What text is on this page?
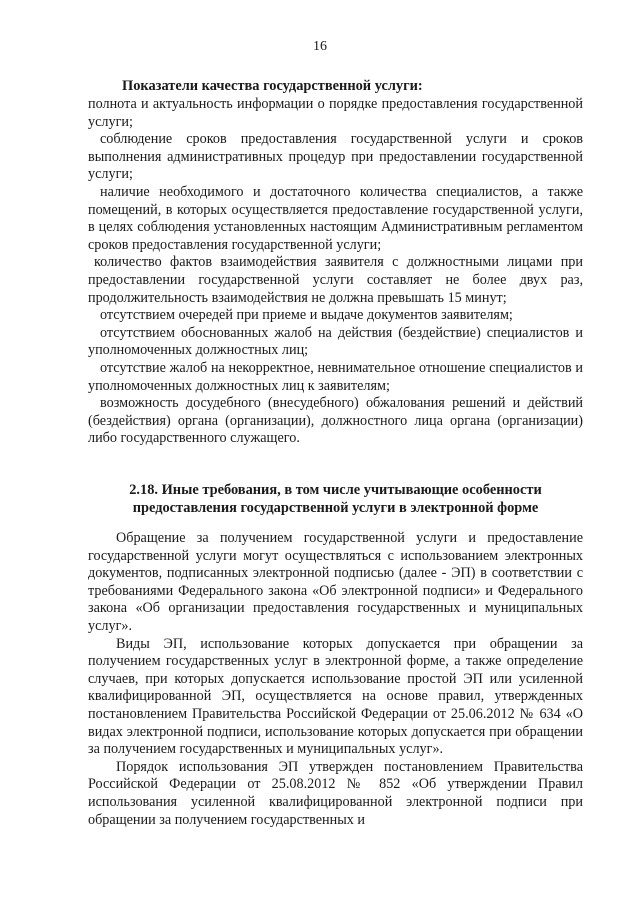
16
Показатели качества государственной услуги:

полнота и актуальность информации о порядке предоставления государственной услуги;

соблюдение сроков предоставления государственной услуги и сроков выполнения административных процедур при предоставлении государственной услуги;

наличие необходимого и достаточного количества специалистов, а также помещений, в которых осуществляется предоставление государственной услуги, в целях соблюдения установленных настоящим Административным регламентом сроков предоставления государственной услуги;

количество фактов взаимодействия заявителя с должностными лицами при предоставлении государственной услуги составляет не более двух раз, продолжительность взаимодействия не должна превышать 15 минут;

отсутствием очередей при приеме и выдаче документов заявителям;

отсутствием обоснованных жалоб на действия (бездействие) специалистов и уполномоченных должностных лиц;

отсутствие жалоб на некорректное, невнимательное отношение специалистов и уполномоченных должностных лиц к заявителям;

возможность досудебного (внесудебного) обжалования решений и действий (бездействия) органа (организации), должностного лица органа (организации) либо государственного служащего.

2.18. Иные требования, в том числе учитывающие особенности
предоставления государственной услуги в электронной форме

Обращение за получением государственной услуги и предоставление государственной услуги могут осуществляться с использованием электронных документов, подписанных электронной подписью (далее - ЭП) в соответствии с требованиями Федерального закона «Об электронной подписи» и Федерального закона «Об организации предоставления государственных и муниципальных услуг».

Виды ЭП, использование которых допускается при обращении за получением государственных услуг в электронной форме, а также определение случаев, при которых допускается использование простой ЭП или усиленной квалифицированной ЭП, осуществляется на основе правил, утвержденных постановлением Правительства Российской Федерации от 25.06.2012 № 634 «О видах электронной подписи, использование которых допускается при обращении за получением государственных и муниципальных услуг».

Порядок использования ЭП утвержден постановлением Правительства Российской Федерации от 25.08.2012 № 852 «Об утверждении Правил использования усиленной квалифицированной электронной подписи при обращении за получением государственных и
